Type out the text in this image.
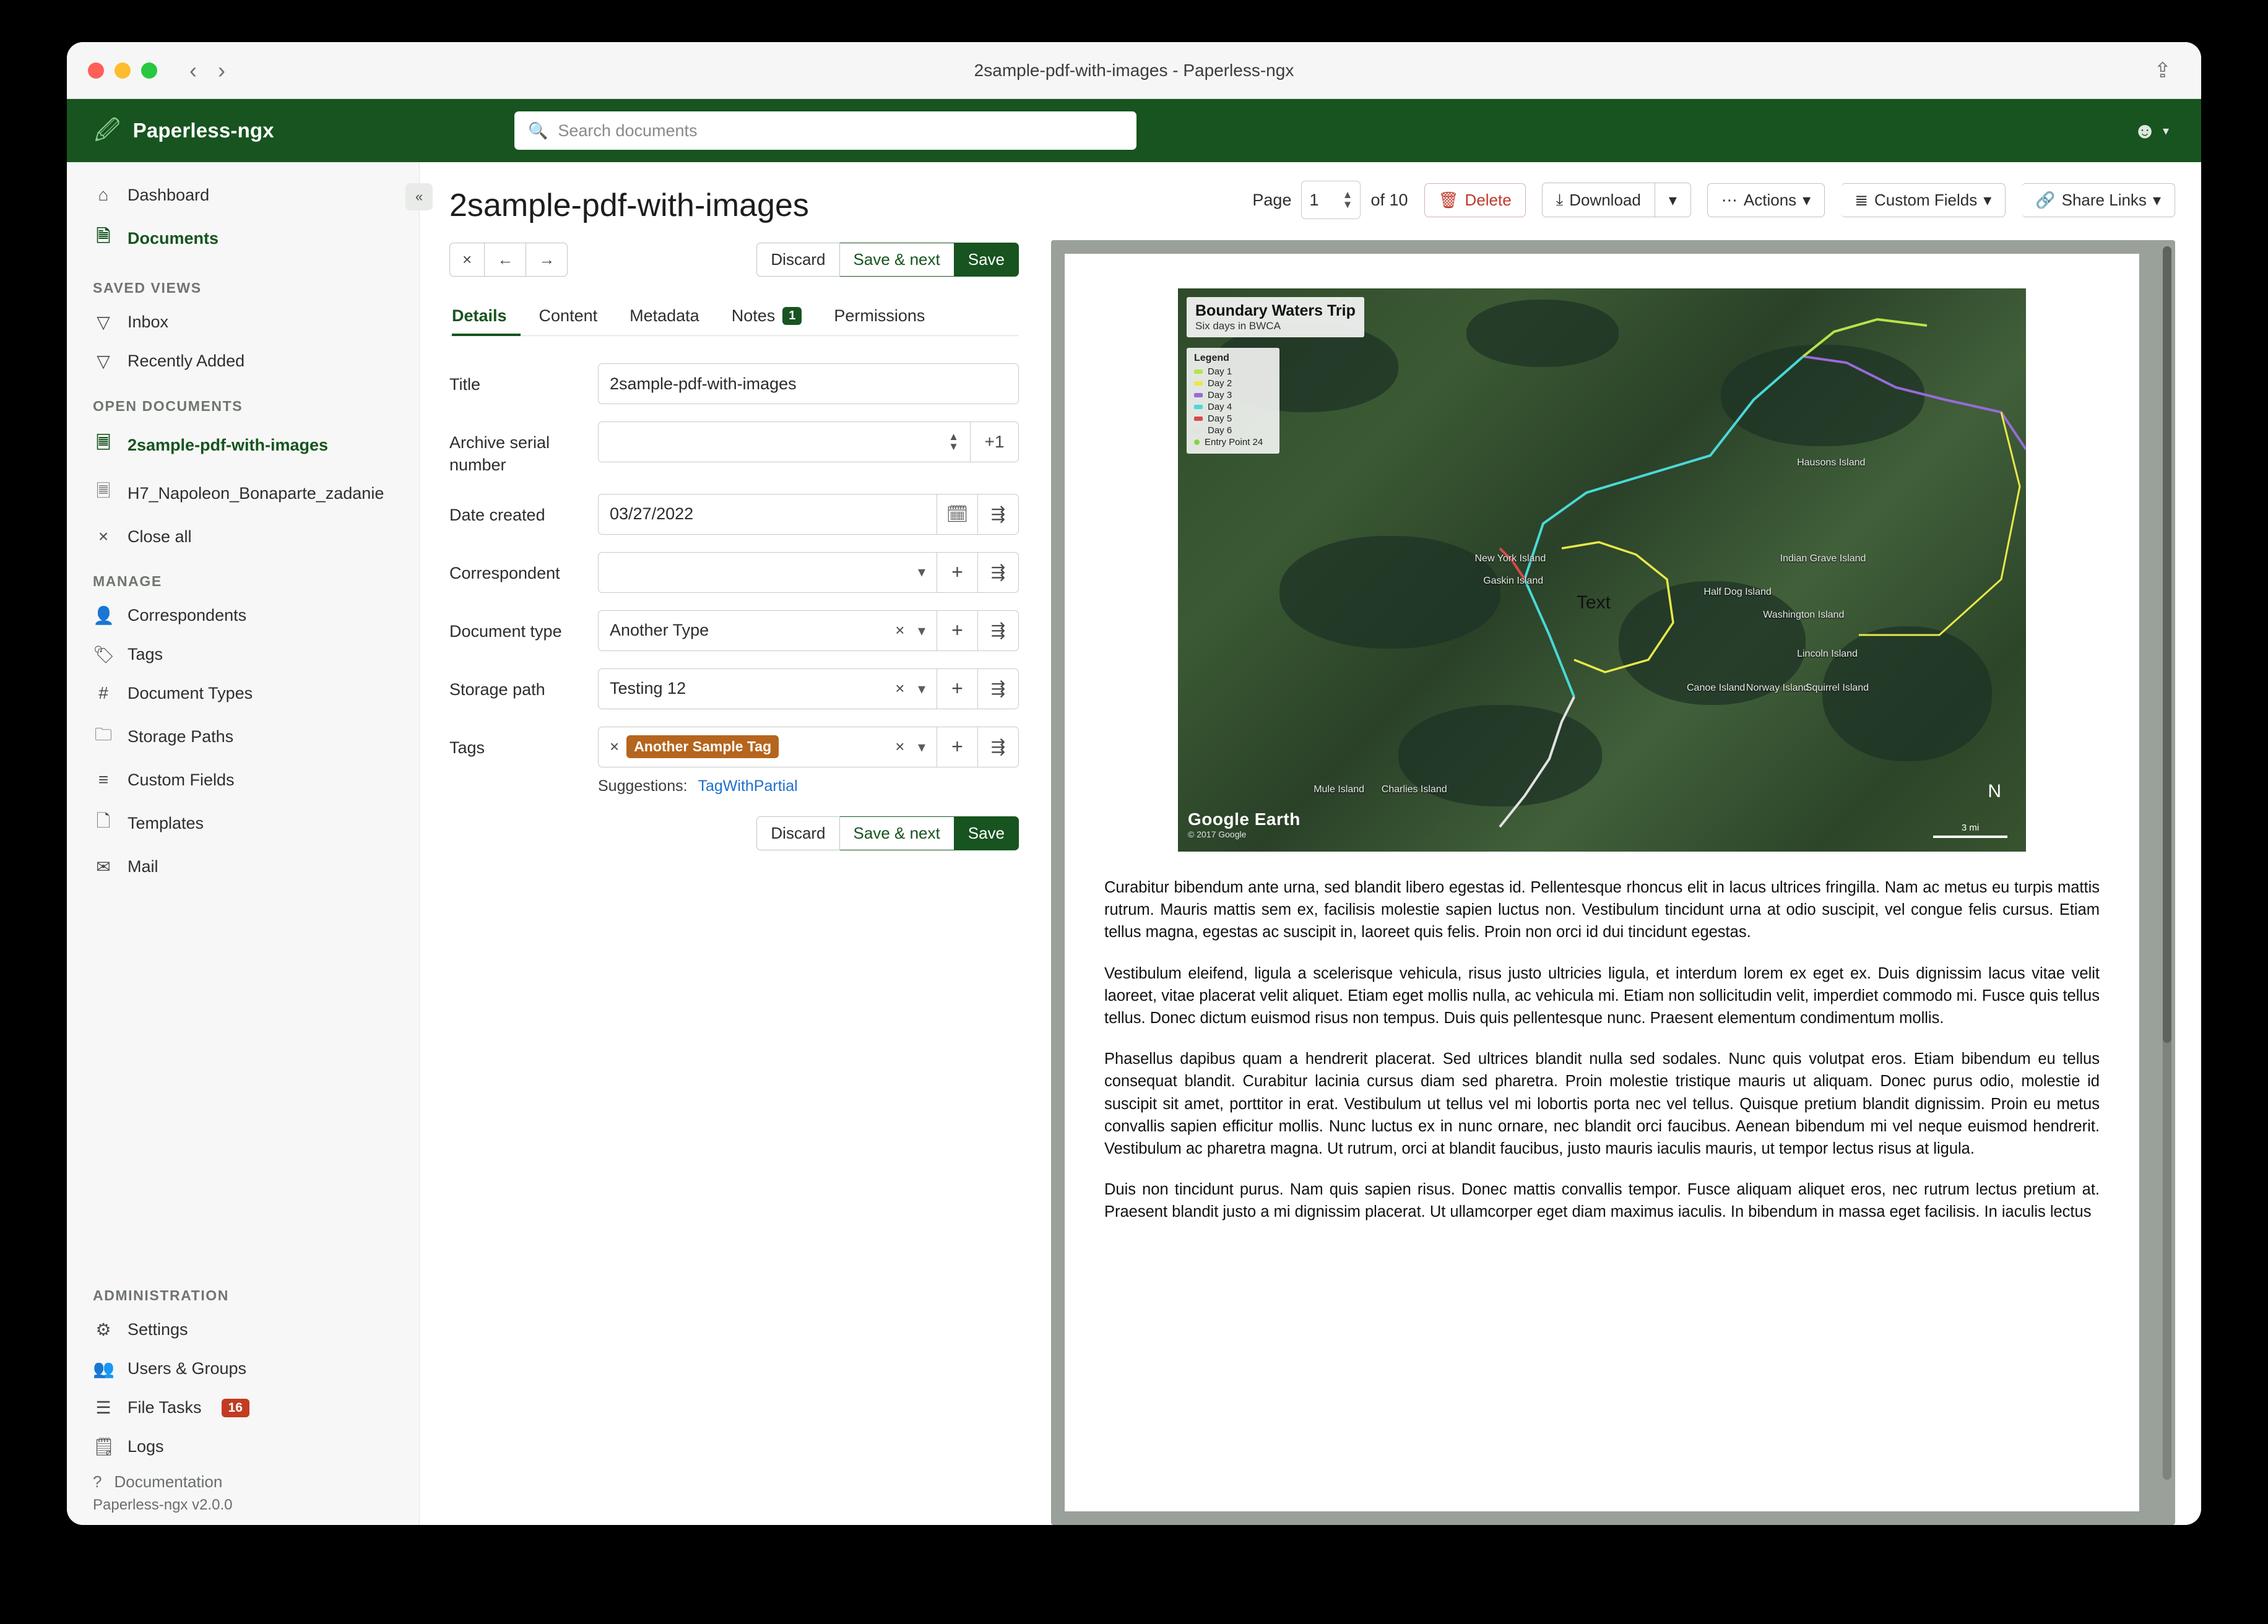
‹ ›	2sample-pdf-with-images - Paperless-ngx	⇪
🖉 Paperless-ngx	🔍
Search documents	☻ ▾
«
⌂	Dashboard
🗎 Documents
SAVED VIEWS
▽ Inbox
▽ Recently Added
OPEN DOCUMENTS
🗏 2sample-pdf-with-images
🗏 H7_Napoleon_Bonaparte_zadanie
×	Close all
MANAGE
👤 Correspondents
🏷 Tags
#	Document Types
🗀 Storage Paths
≡	Custom Fields
🗋 Templates
✉ Mail
ADMINISTRATION
⚙ Settings
👥 Users & Groups
☰ File Tasks	16
🗒 Logs
? Documentation
Paperless-ngx v2.0.0
2sample-pdf-with-images
×	←	→	Discard	Save & next	Save
Details Content Metadata Notes	1	Permissions
Title	2sample-pdf-with-images
Archive serial number
▲
▼	+1
Date created	03/27/2022	🗓	⇶
Correspondent	▾	+	⇶
Document type	Another Type	× ▾	+	⇶
Storage path	Testing 12	× ▾	+	⇶
Tags	×	Another Sample Tag	× ▾	+	⇶
Suggestions: TagWithPartial
Discard	Save & next	Save
Page 1 ▲
▼ of 10 🗑 Delete	⤓ Download	▾	⋯ Actions ▾	≣ Custom Fields ▾	🔗 Share Links ▾
Boundary Waters Trip
Six days in BWCA
Legend
Day 1
Day 2
Day 3
Day 4
Day 5
Day 6
Entry Point 24
Hausons Island
New York Island
Gaskin Island
Indian Grave Island
Half Dog Island
Washington Island
Lincoln Island
Canoe Island Norway Island
Squirrel Island
Mule Island Charlies Island
Text
Google Earth
© 2017 Google
N
3 mi

Curabitur bibendum ante urna, sed blandit libero egestas id. Pellentesque rhoncus elit in lacus ultrices fringilla. Nam ac metus eu turpis mattis rutrum. Mauris mattis sem ex, facilisis molestie sapien luctus non. Vestibulum tincidunt urna at odio suscipit, vel congue felis cursus. Etiam tellus magna, egestas ac suscipit in, laoreet quis felis. Proin non orci id dui tincidunt egestas.

Vestibulum eleifend, ligula a scelerisque vehicula, risus justo ultricies ligula, et interdum lorem ex eget ex. Duis dignissim lacus vitae velit laoreet, vitae placerat velit aliquet. Etiam eget mollis nulla, ac vehicula mi. Etiam non sollicitudin velit, imperdiet commodo mi. Fusce quis tellus tellus. Donec dictum euismod risus non tempus. Duis quis pellentesque nunc. Praesent elementum condimentum mollis.

Phasellus dapibus quam a hendrerit placerat. Sed ultrices blandit nulla sed sodales. Nunc quis volutpat eros. Etiam bibendum eu tellus consequat blandit. Curabitur lacinia cursus diam sed pharetra. Proin molestie tristique mauris ut aliquam. Donec purus odio, molestie id suscipit sit amet, porttitor in erat. Vestibulum ut tellus vel mi lobortis porta nec vel tellus. Quisque pretium blandit dignissim. Proin eu metus convallis sapien efficitur mollis. Nunc luctus ex in nunc ornare, nec blandit orci faucibus. Aenean bibendum mi vel neque euismod hendrerit. Vestibulum ac pharetra magna. Ut rutrum, orci at blandit faucibus, justo mauris iaculis mauris, ut tempor lectus risus at ligula.

Duis non tincidunt purus. Nam quis sapien risus. Donec mattis convallis tempor. Fusce aliquam aliquet eros, nec rutrum lectus pretium at. Praesent blandit justo a mi dignissim placerat. Ut ullamcorper eget diam maximus iaculis. In bibendum in massa eget facilisis. In iaculis lectus
